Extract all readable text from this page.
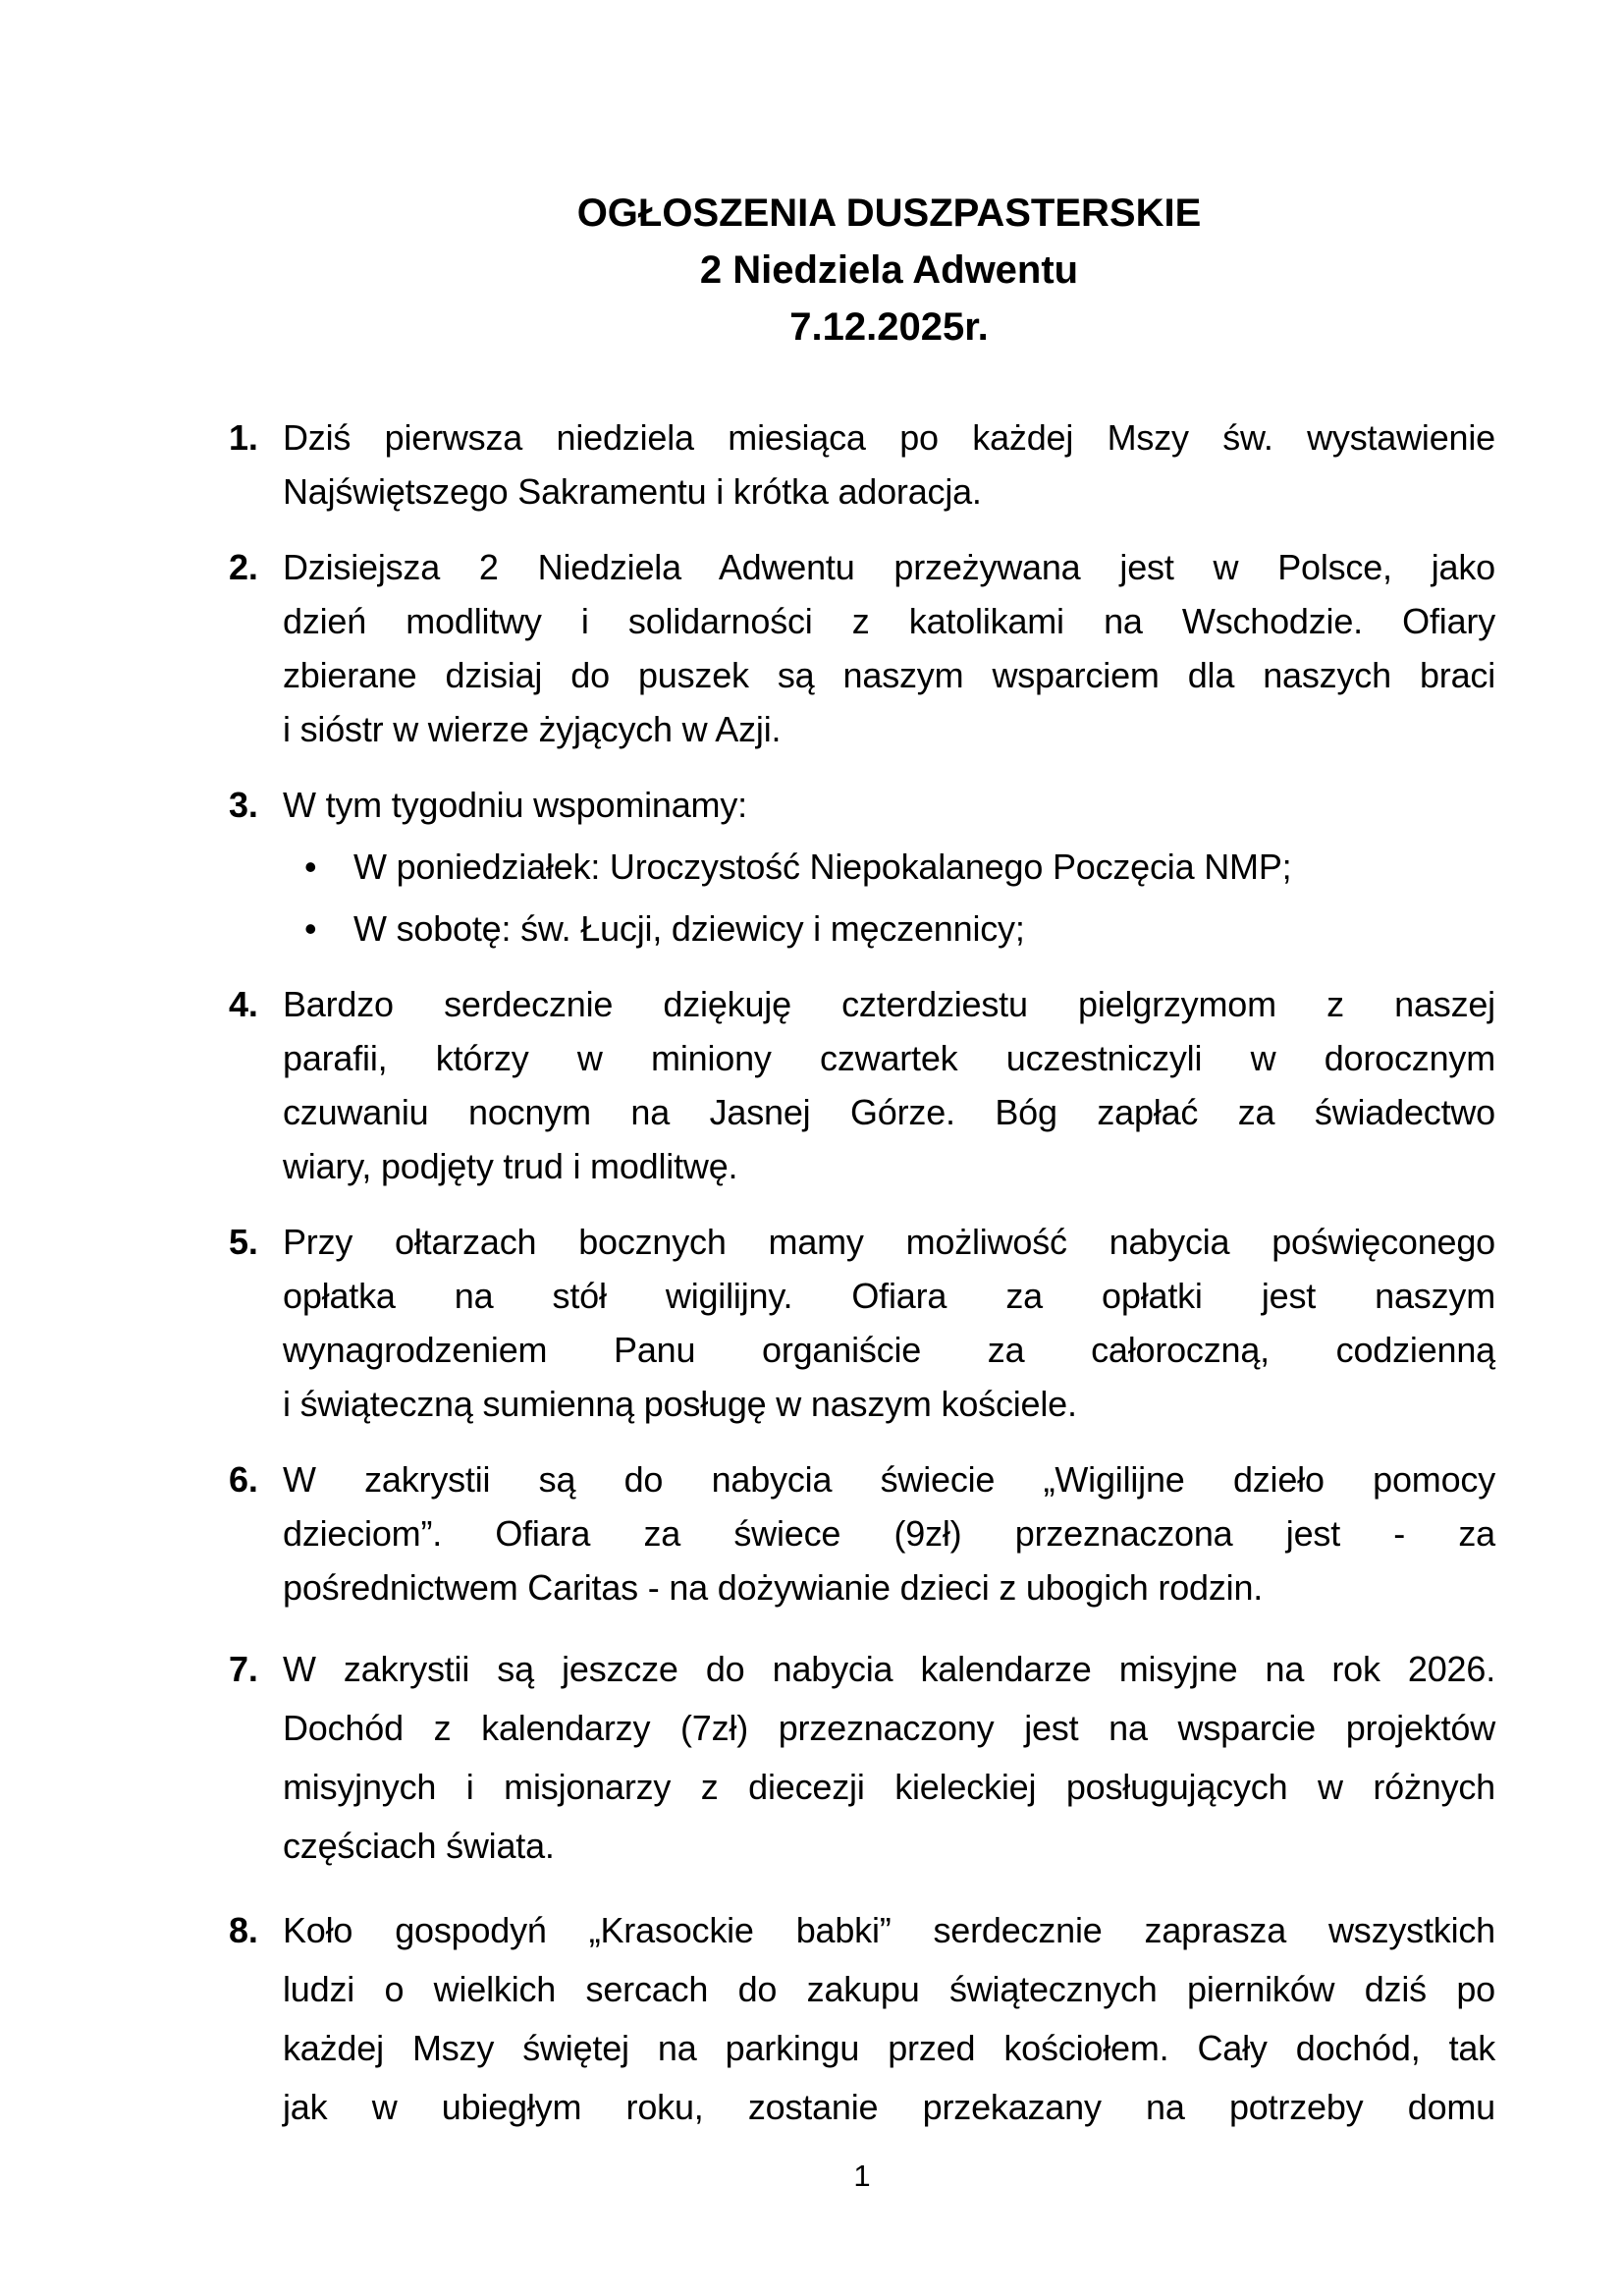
OGŁOSZENIA DUSZPASTERSKIE
2 Niedziela Adwentu
7.12.2025r.
1. Dziś pierwsza niedziela miesiąca po każdej Mszy św. wystawienie
Najświętszego Sakramentu i krótka adoracja.
2. Dzisiejsza 2 Niedziela Adwentu przeżywana jest w Polsce, jako
dzień modlitwy i solidarności z katolikami na Wschodzie. Ofiary
zbierane dzisiaj do puszek są naszym wsparciem dla naszych braci
i sióstr w wierze żyjących w Azji.
3. W tym tygodniu wspominamy:
• W poniedziałek: Uroczystość Niepokalanego Poczęcia NMP;
• W sobotę: św. Łucji, dziewicy i męczennicy;
4. Bardzo serdecznie dziękuję czterdziestu pielgrzymom z naszej
parafii, którzy w miniony czwartek uczestniczyli w dorocznym
czuwaniu nocnym na Jasnej Górze. Bóg zapłać za świadectwo
wiary, podjęty trud i modlitwę.
5. Przy ołtarzach bocznych mamy możliwość nabycia poświęconego
opłatka na stół wigilijny. Ofiara za opłatki jest naszym
wynagrodzeniem Panu organiście za całoroczną, codzienną
i świąteczną sumienną posługę w naszym kościele.
6. W zakrystii są do nabycia świecie „Wigilijne dzieło pomocy
dzieciom”. Ofiara za świece (9zł) przeznaczona jest - za
pośrednictwem Caritas - na dożywianie dzieci z ubogich rodzin.
7. W zakrystii są jeszcze do nabycia kalendarze misyjne na rok 2026.
Dochód z kalendarzy (7zł) przeznaczony jest na wsparcie projektów
misyjnych i misjonarzy z diecezji kieleckiej posługujących w różnych
częściach świata.
8. Koło gospodyń „Krasockie babki” serdecznie zaprasza wszystkich
ludzi o wielkich sercach do zakupu świątecznych pierników dziś po
każdej Mszy świętej na parkingu przed kościołem. Cały dochód, tak
jak w ubiegłym roku, zostanie przekazany na potrzeby domu
1
